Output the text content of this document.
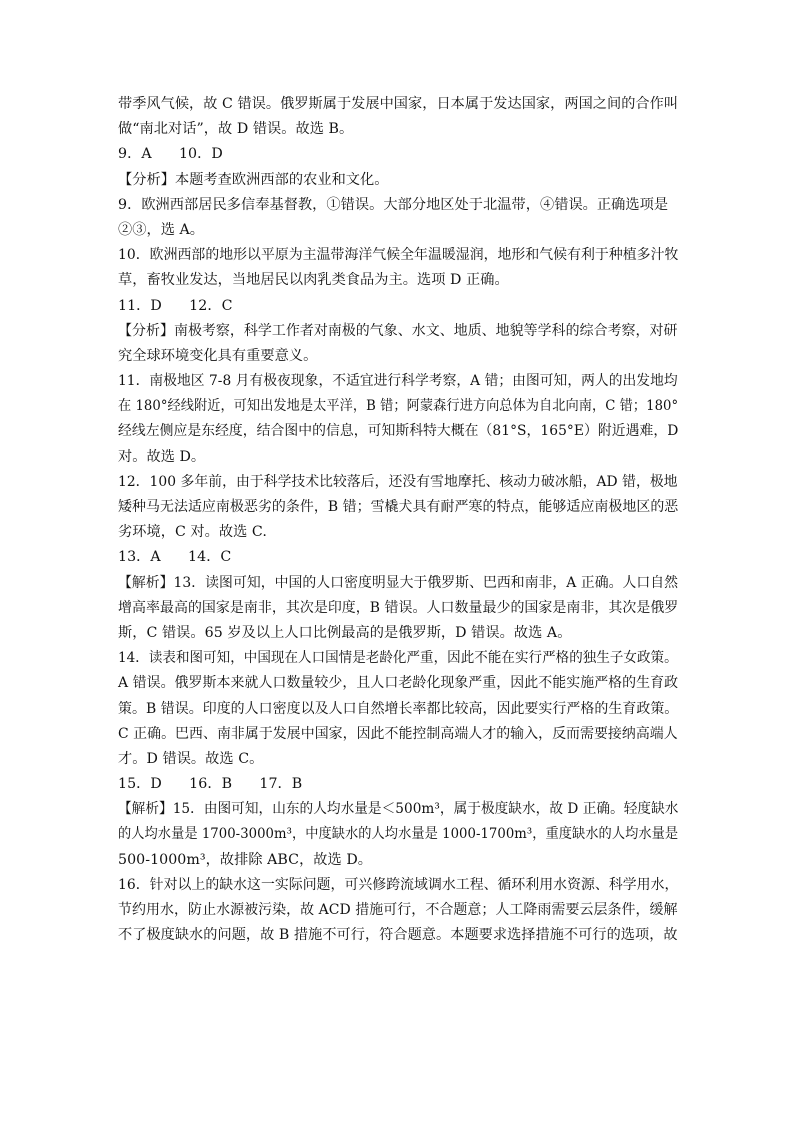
带季风气候，故 C 错误。俄罗斯属于发展中国家，日本属于发达国家，两国之间的合作叫
做“南北对话”，故 D 错误。故选 B。
9．A      10．D
【分析】本题考查欧洲西部的农业和文化。
9．欧洲西部居民多信奉基督教，①错误。大部分地区处于北温带，④错误。正确选项是
②③，选 A。
10．欧洲西部的地形以平原为主温带海洋气候全年温暖湿润，地形和气候有利于种植多汁牧
草，畜牧业发达，当地居民以肉乳类食品为主。选项 D 正确。
11．D      12．C
【分析】南极考察，科学工作者对南极的气象、水文、地质、地貌等学科的综合考察，对研
究全球环境变化具有重要意义。
11．南极地区 7-8 月有极夜现象，不适宜进行科学考察，A 错；由图可知，两人的出发地均
在 180°经线附近，可知出发地是太平洋，B 错；阿蒙森行进方向总体为自北向南，C 错；180°
经线左侧应是东经度，结合图中的信息，可知斯科特大概在（81°S，165°E）附近遇难，D
对。故选 D。
12．100 多年前，由于科学技术比较落后，还没有雪地摩托、核动力破冰船，AD 错，极地
矮种马无法适应南极恶劣的条件，B 错；雪橇犬具有耐严寒的特点，能够适应南极地区的恶
劣环境，C 对。故选 C.
13．A      14．C
【解析】13．读图可知，中国的人口密度明显大于俄罗斯、巴西和南非，A 正确。人口自然
增高率最高的国家是南非，其次是印度，B 错误。人口数量最少的国家是南非，其次是俄罗
斯，C 错误。65 岁及以上人口比例最高的是俄罗斯，D 错误。故选 A。
14．读表和图可知，中国现在人口国情是老龄化严重，因此不能在实行严格的独生子女政策。
A 错误。俄罗斯本来就人口数量较少，且人口老龄化现象严重，因此不能实施严格的生育政
策。B 错误。印度的人口密度以及人口自然增长率都比较高，因此要实行严格的生育政策。
C 正确。巴西、南非属于发展中国家，因此不能控制高端人才的输入，反而需要接纳高端人
才。D 错误。故选 C。
15．D      16．B      17．B
【解析】15．由图可知，山东的人均水量是＜500m³，属于极度缺水，故 D 正确。轻度缺水
的人均水量是 1700-3000m³，中度缺水的人均水量是 1000-1700m³，重度缺水的人均水量是
500-1000m³，故排除 ABC，故选 D。
16．针对以上的缺水这一实际问题，可兴修跨流域调水工程、循环利用水资源、科学用水，
节约用水，防止水源被污染，故 ACD 措施可行，不合题意；人工降雨需要云层条件，缓解
不了极度缺水的问题，故 B 措施不可行，符合题意。本题要求选择措施不可行的选项，故
